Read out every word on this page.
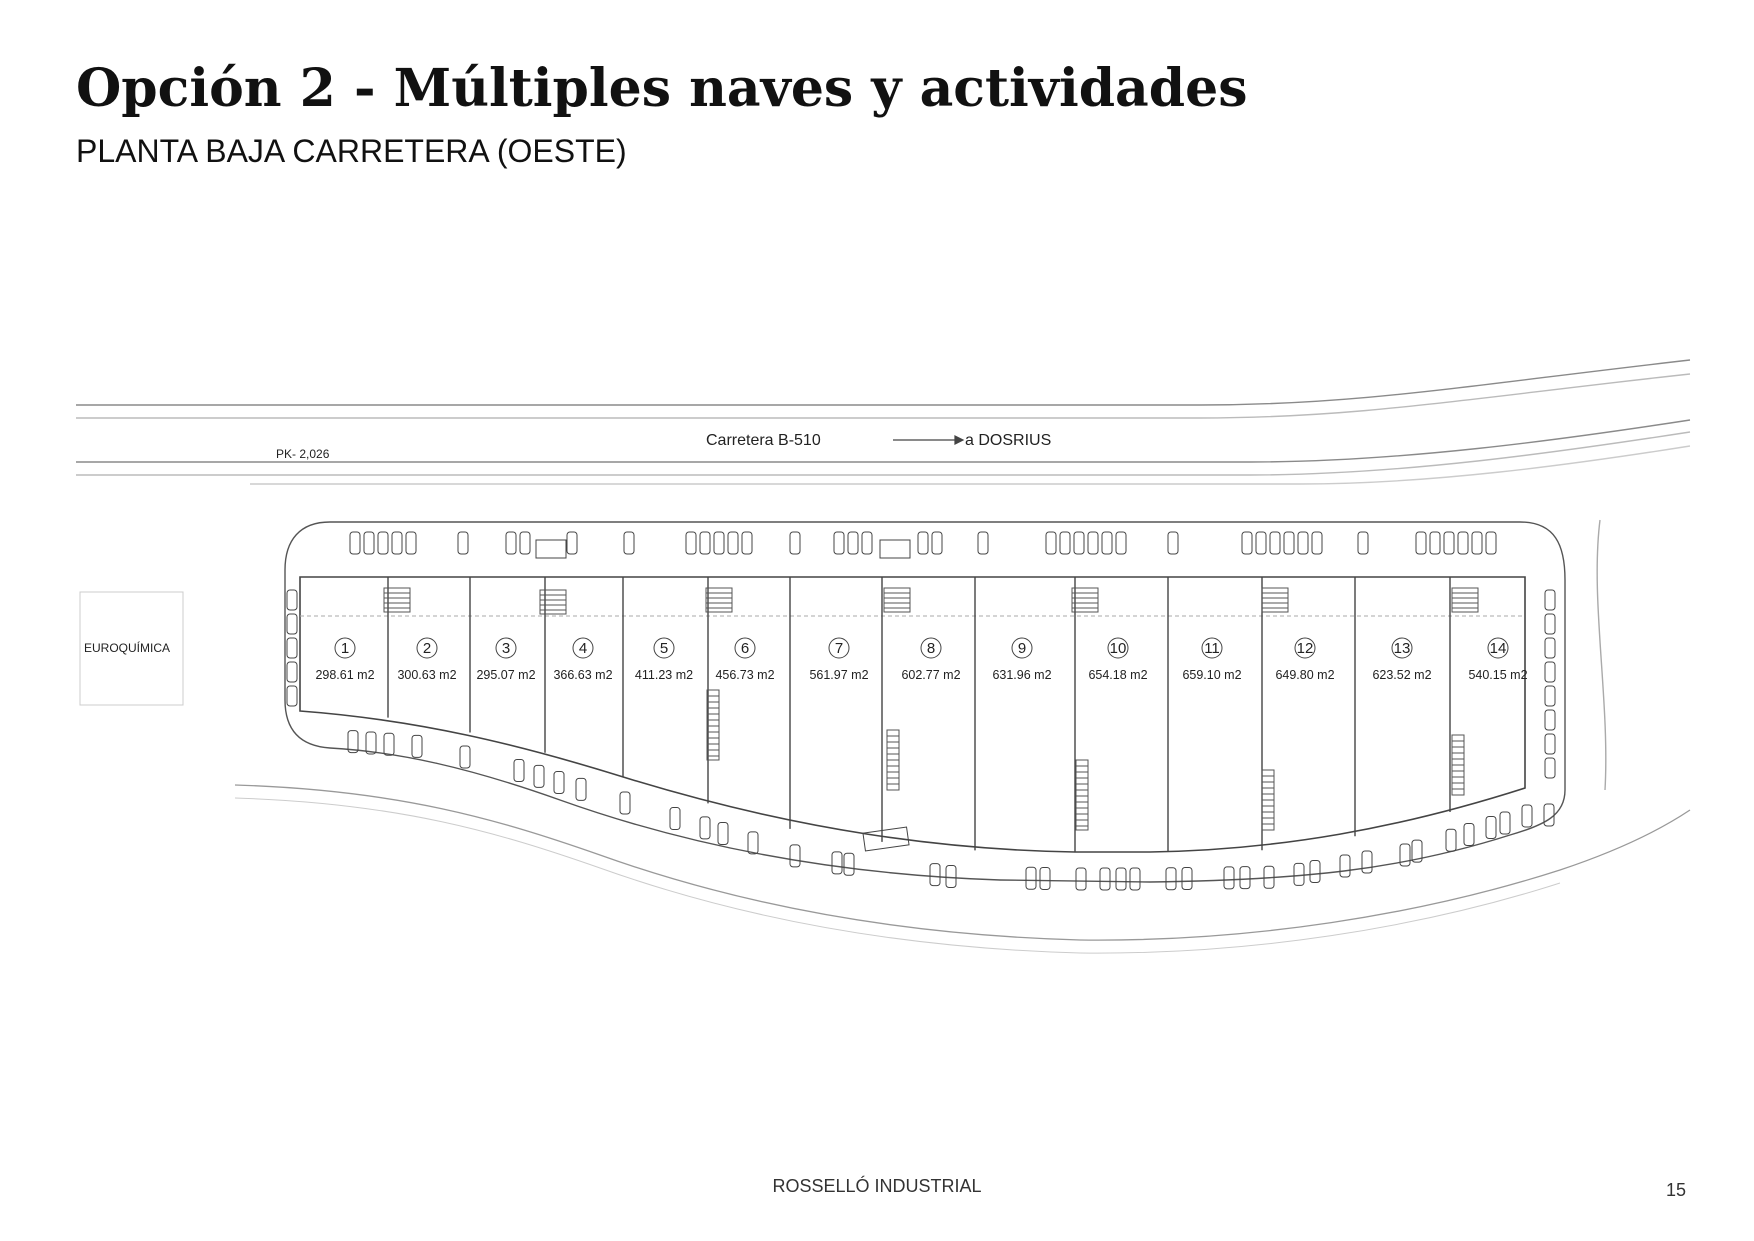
Opción 2 - Múltiples naves y actividades
PLANTA BAJA CARRETERA (OESTE)
Carretera B-510	a DOSRIUS
PK- 2,026
EUROQUÍMICA	1
298.61 m2
2
300.63 m2
3
295.07 m2
4
366.63 m2
5
411.23 m2
6
456.73 m2
7
561.97 m2
8
602.77 m2
9
631.96 m2
10
654.18 m2
11
659.10 m2
12
649.80 m2
13
623.52 m2
14
540.15 m2
ROSSELLÓ INDUSTRIAL	15
